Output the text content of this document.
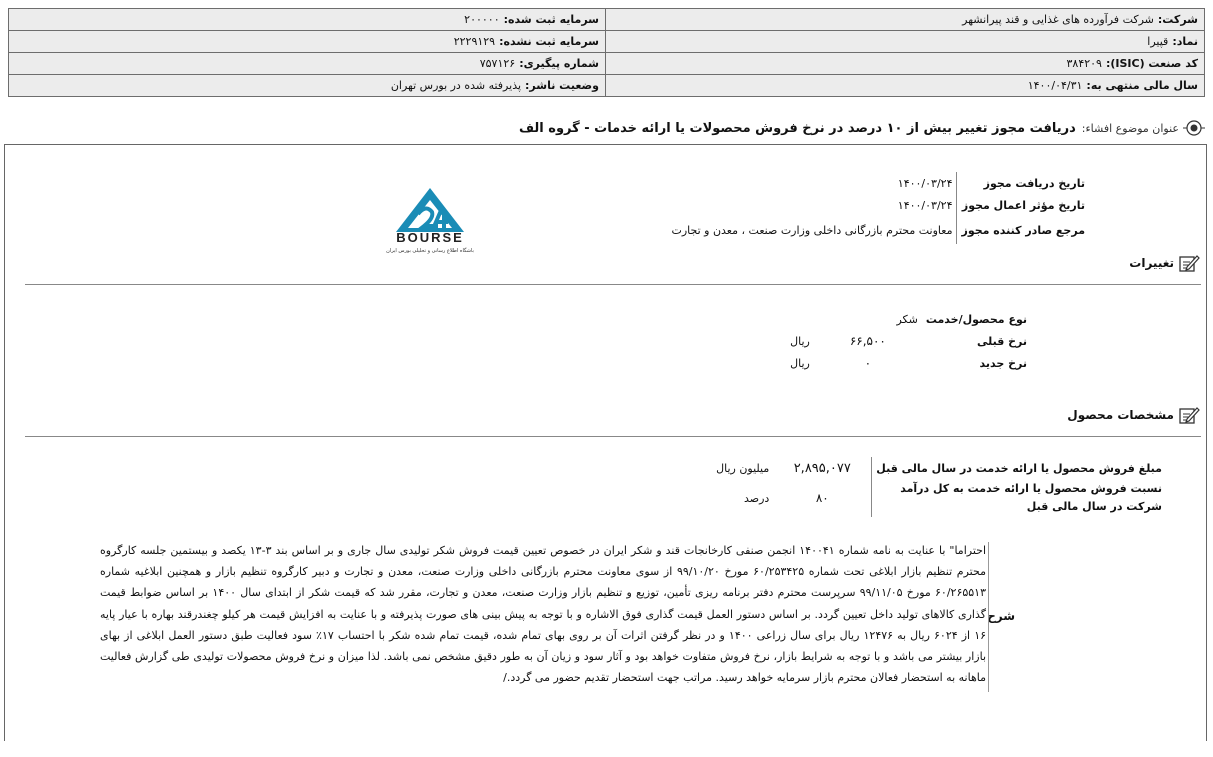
شرکت:شرکت فرآورده های غذایی و قند پیرانشهر	سرمایه ثبت شده:۲۰۰۰۰۰
نماد:قپیرا	سرمایه ثبت نشده:۲۲۲۹۱۲۹
کد صنعت (ISIC):۳۸۴۲۰۹	شماره پیگیری:۷۵۷۱۲۶
سال مالی منتهی به:۱۴۰۰/۰۴/۳۱	وضعیت ناشر:پذیرفته شده در بورس تهران
عنوان موضوع افشاء:
دریافت مجوز تغییر بیش از ۱۰ درصد در نرخ فروش محصولات یا ارائه خدمات - گروه الف
تاریخ دریافت مجوز	۱۴۰۰/۰۳/۲۴
تاریخ مؤثر اعمال مجوز	۱۴۰۰/۰۳/۲۴
مرجع صادر کننده مجوز	معاونت محترم بازرگانی داخلی وزارت صنعت ، معدن و تجارت
BOURSE
باشگاه اطلاع رسانی و تحلیلی بورس ایران
تغییرات
نوع محصول/خدمت	شکر	
نرخ قبلی	۶۶,۵۰۰	ریال
نرخ جدید	۰	ریال
مشخصات محصول
مبلغ فروش محصول یا ارائه خدمت در سال مالی قبل	۲,۸۹۵,۰۷۷	میلیون ریال
نسبت فروش محصول یا ارائه خدمت به کل درآمد شرکت در سال مالی قبل	۸۰	درصد
شرح
احتراما" با عنایت به نامه شماره ۱۴۰۰۴۱ انجمن صنفی کارخانجات قند و شکر ایران در خصوص تعیین قیمت فروش شکر تولیدی سال جاری و بر اساس بند ۳-۱۳ یکصد و بیستمین جلسه کارگروه محترم تنظیم بازار ابلاغی تحت شماره ۶۰/۲۵۳۴۲۵ مورخ ۹۹/۱۰/۲۰ از سوی معاونت محترم بازرگانی داخلی وزارت صنعت، معدن و تجارت و دبیر کارگروه تنظیم بازار و همچنین ابلاغیه شماره ۶۰/۲۶۵۵۱۳ مورخ ۹۹/۱۱/۰۵ سرپرست محترم دفتر برنامه ریزی تأمین، توزیع و تنظیم بازار وزارت صنعت، معدن و تجارت، مقرر شد که قیمت شکر از ابتدای سال ۱۴۰۰ بر اساس ضوابط قیمت گذاری کالاهای تولید داخل تعیین گردد. بر اساس دستور العمل قیمت گذاری فوق الاشاره و با توجه به پیش بینی های صورت پذیرفته و با عنایت به افزایش قیمت هر کیلو چغندرقند بهاره با عیار پایه ۱۶ از ۶۰۲۴ ریال به ۱۲۴۷۶ ریال برای سال زراعی ۱۴۰۰ و در نظر گرفتن اثرات آن بر روی بهای تمام شده، قیمت تمام شده شکر با احتساب ۱۷٪ سود فعالیت طبق دستور العمل ابلاغی از بهای بازار بیشتر می باشد و با توجه به شرایط بازار، نرخ فروش متفاوت خواهد بود و آثار سود و زیان آن به طور دقیق مشخص نمی باشد. لذا میزان و نرخ فروش محصولات تولیدی طی گزارش فعالیت ماهانه به استحضار فعالان محترم بازار سرمایه خواهد رسید. مراتب جهت استحضار تقدیم حضور می گردد./
